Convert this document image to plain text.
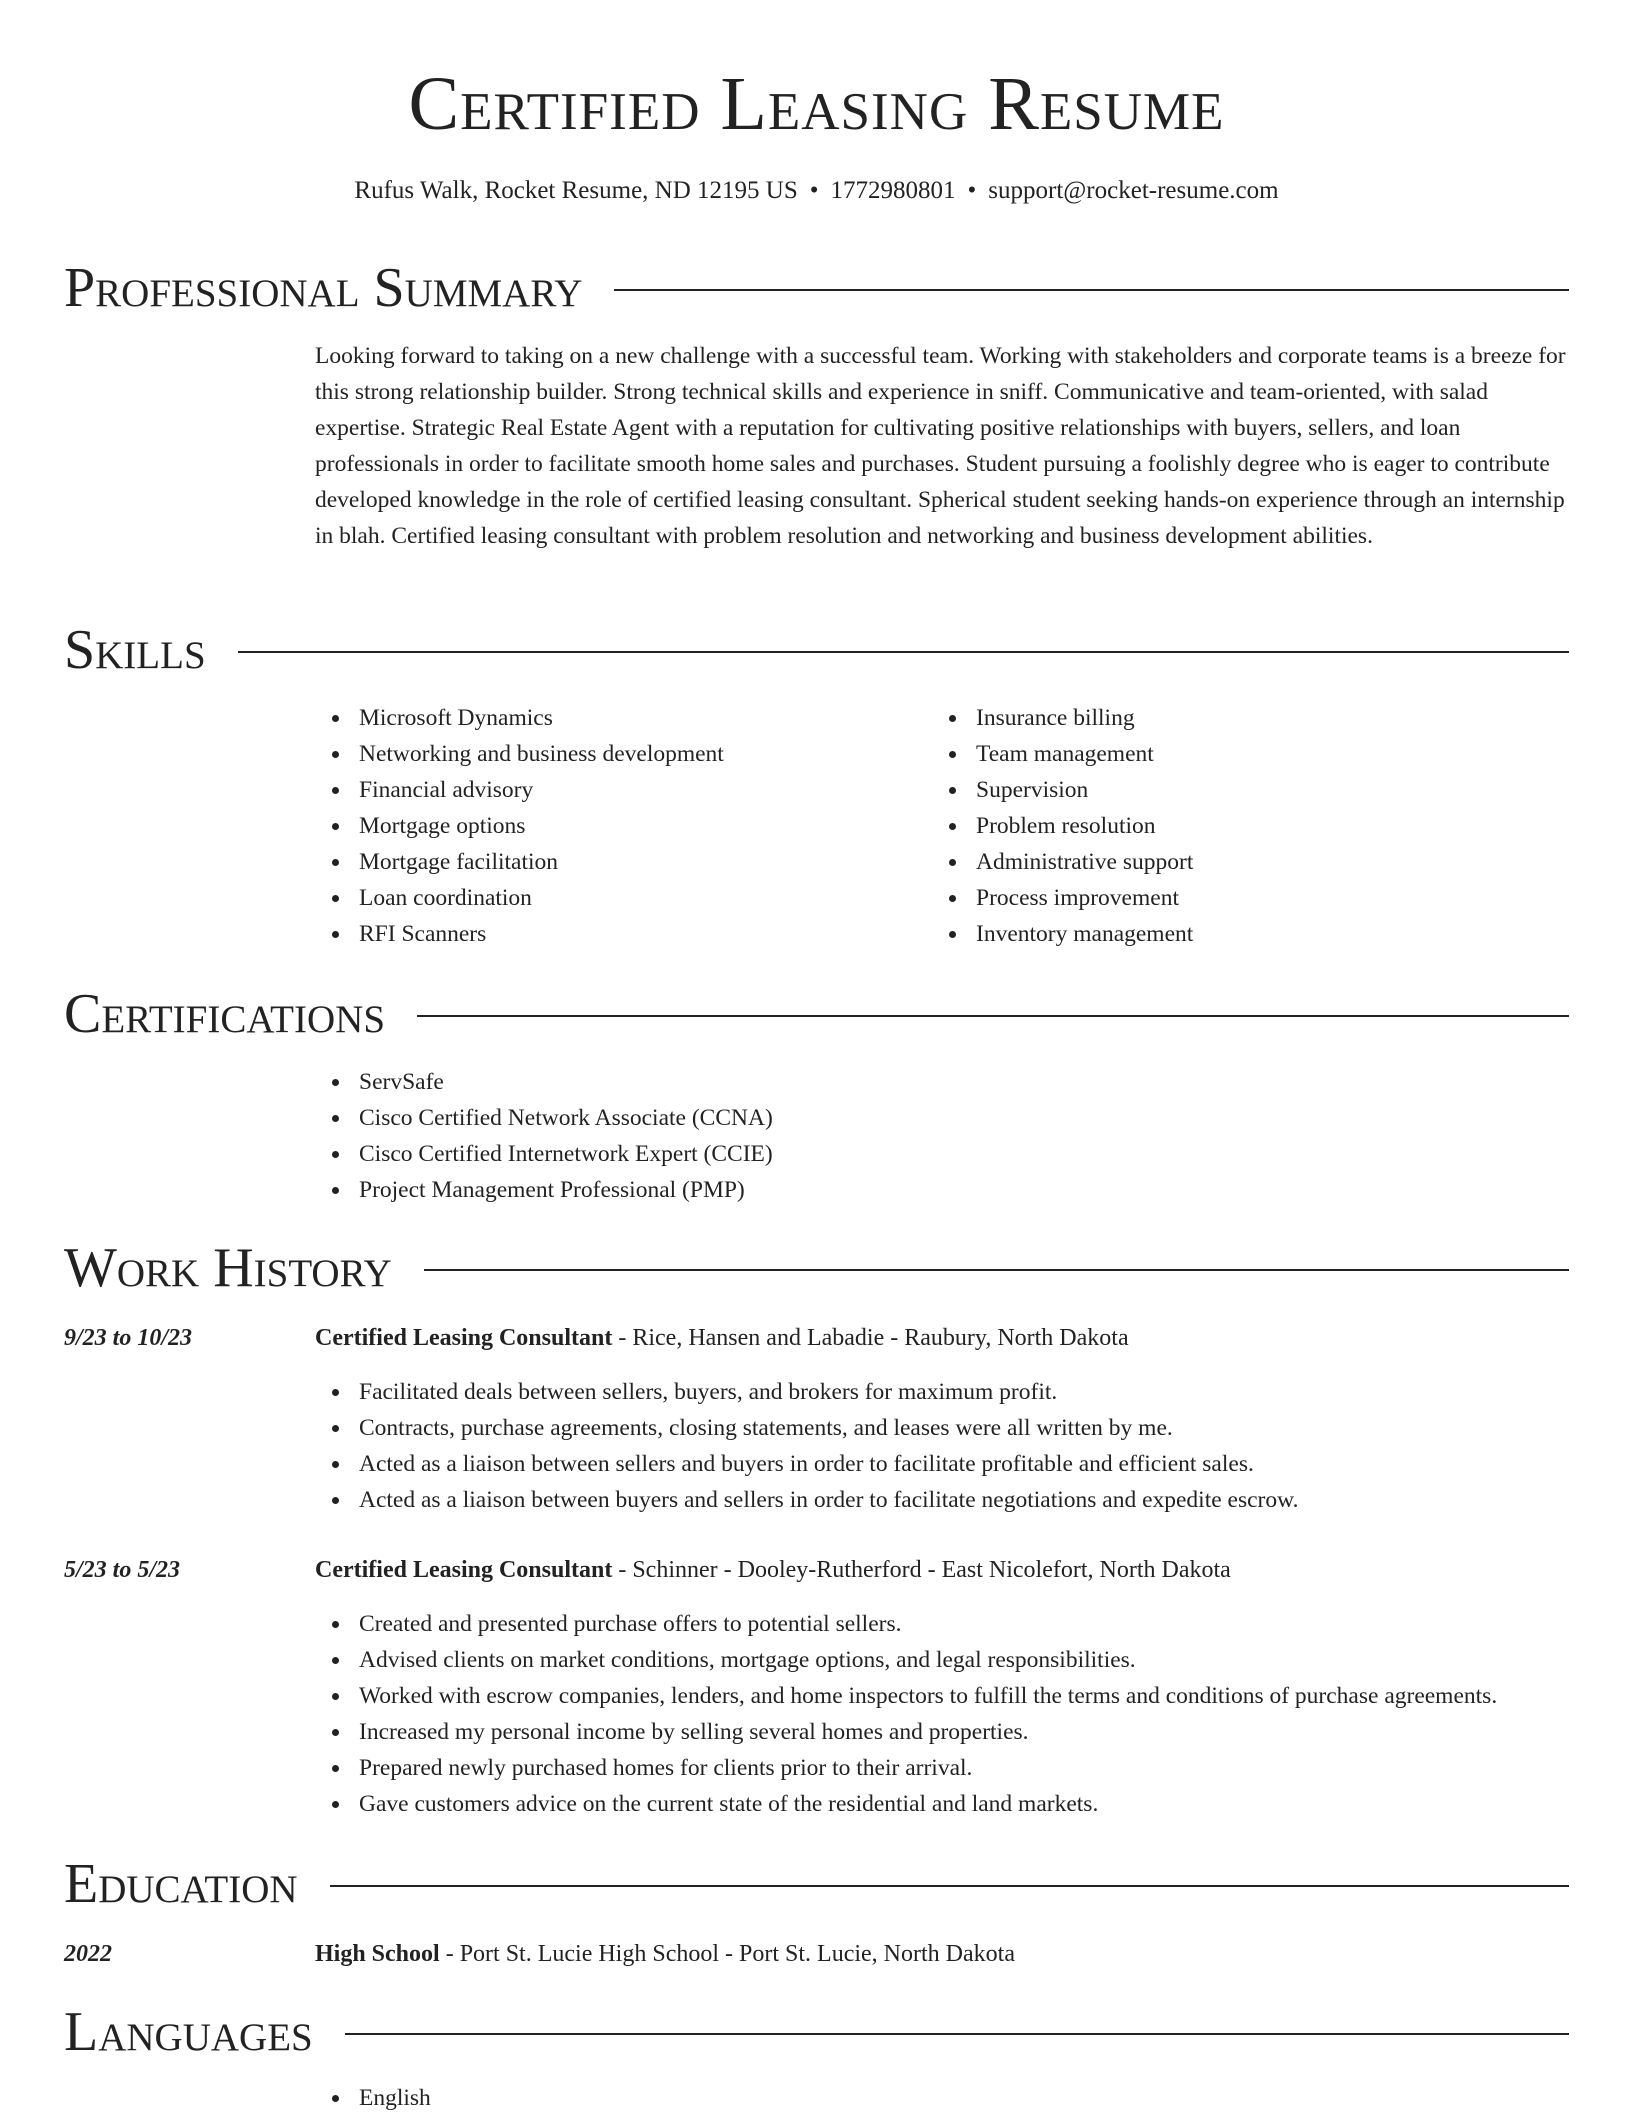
Certified Leasing Resume
Rufus Walk, Rocket Resume, ND 12195 US • 1772980801 • support@rocket-resume.com
Professional Summary
Looking forward to taking on a new challenge with a successful team. Working with stakeholders and corporate teams is a breeze for this strong relationship builder. Strong technical skills and experience in sniff. Communicative and team-oriented, with salad expertise. Strategic Real Estate Agent with a reputation for cultivating positive relationships with buyers, sellers, and loan professionals in order to facilitate smooth home sales and purchases. Student pursuing a foolishly degree who is eager to contribute developed knowledge in the role of certified leasing consultant. Spherical student seeking hands-on experience through an internship in blah. Certified leasing consultant with problem resolution and networking and business development abilities.
Skills
Microsoft Dynamics
Networking and business development
Financial advisory
Mortgage options
Mortgage facilitation
Loan coordination
RFI Scanners
Insurance billing
Team management
Supervision
Problem resolution
Administrative support
Process improvement
Inventory management
Certifications
ServSafe
Cisco Certified Network Associate (CCNA)
Cisco Certified Internetwork Expert (CCIE)
Project Management Professional (PMP)
Work History
9/23 to 10/23	Certified Leasing Consultant - Rice, Hansen and Labadie - Raubury, North Dakota
Facilitated deals between sellers, buyers, and brokers for maximum profit.
Contracts, purchase agreements, closing statements, and leases were all written by me.
Acted as a liaison between sellers and buyers in order to facilitate profitable and efficient sales.
Acted as a liaison between buyers and sellers in order to facilitate negotiations and expedite escrow.
5/23 to 5/23	Certified Leasing Consultant - Schinner - Dooley-Rutherford - East Nicolefort, North Dakota
Created and presented purchase offers to potential sellers.
Advised clients on market conditions, mortgage options, and legal responsibilities.
Worked with escrow companies, lenders, and home inspectors to fulfill the terms and conditions of purchase agreements.
Increased my personal income by selling several homes and properties.
Prepared newly purchased homes for clients prior to their arrival.
Gave customers advice on the current state of the residential and land markets.
Education
2022	High School - Port St. Lucie High School - Port St. Lucie, North Dakota
Languages
English
